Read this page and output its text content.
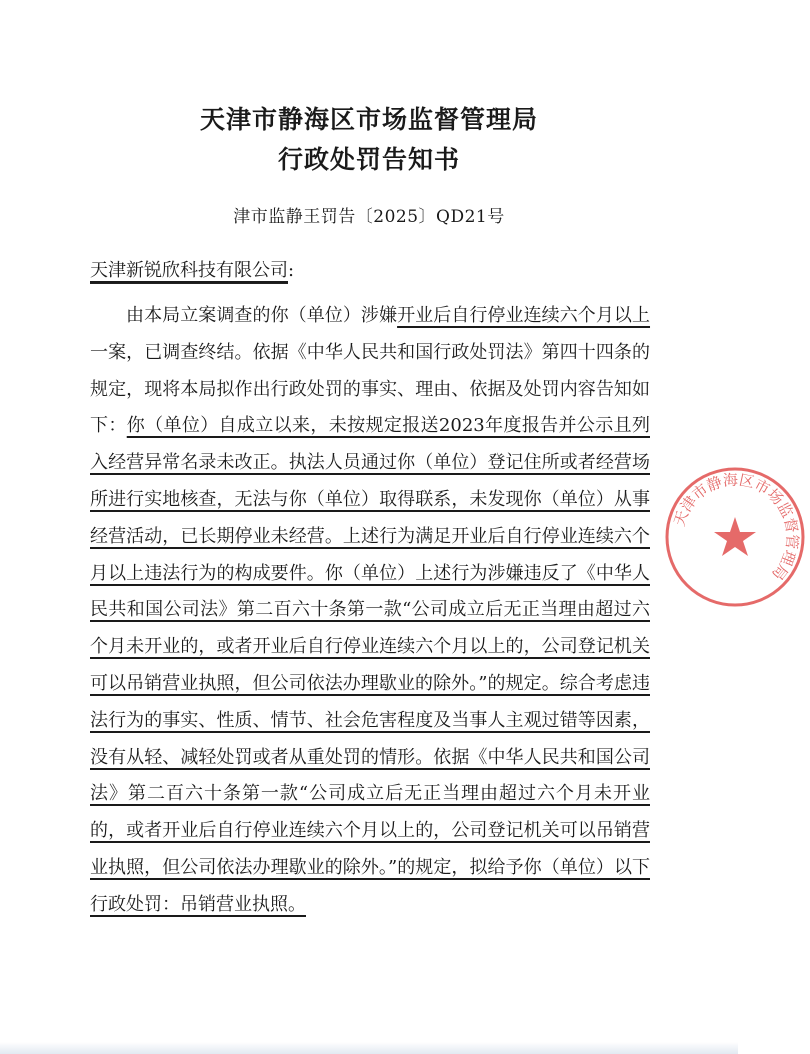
天津市静海区市场监督管理局
行政处罚告知书
津市监静王罚告〔2025〕QD21号
天津新锐欣科技有限公司:

由本局立案调查的你（单位）涉嫌开业后自行停业连续六个月以上一案，已调查终结。依据《中华人民共和国行政处罚法》第四十四条的规定，现将本局拟作出行政处罚的事实、理由、依据及处罚内容告知如下：你（单位）自成立以来，未按规定报送2023年度报告并公示且列入经营异常名录未改正。执法人员通过你（单位）登记住所或者经营场所进行实地核查，无法与你（单位）取得联系，未发现你（单位）从事经营活动，已长期停业未经营。上述行为满足开业后自行停业连续六个月以上违法行为的构成要件。你（单位）上述行为涉嫌违反了《中华人民共和国公司法》第二百六十条第一款“公司成立后无正当理由超过六个月未开业的，或者开业后自行停业连续六个月以上的，公司登记机关可以吊销营业执照，但公司依法办理歇业的除外。”的规定。综合考虑违法行为的事实、性质、情节、社会危害程度及当事人主观过错等因素，没有从轻、减轻处罚或者从重处罚的情形。依据《中华人民共和国公司法》第二百六十条第一款“公司成立后无正当理由超过六个月未开业的，或者开业后自行停业连续六个月以上的，公司登记机关可以吊销营业执照，但公司依法办理歇业的除外。”的规定，拟给予你（单位）以下行政处罚：吊销营业执照。

天津市静海区市场监督管理局
